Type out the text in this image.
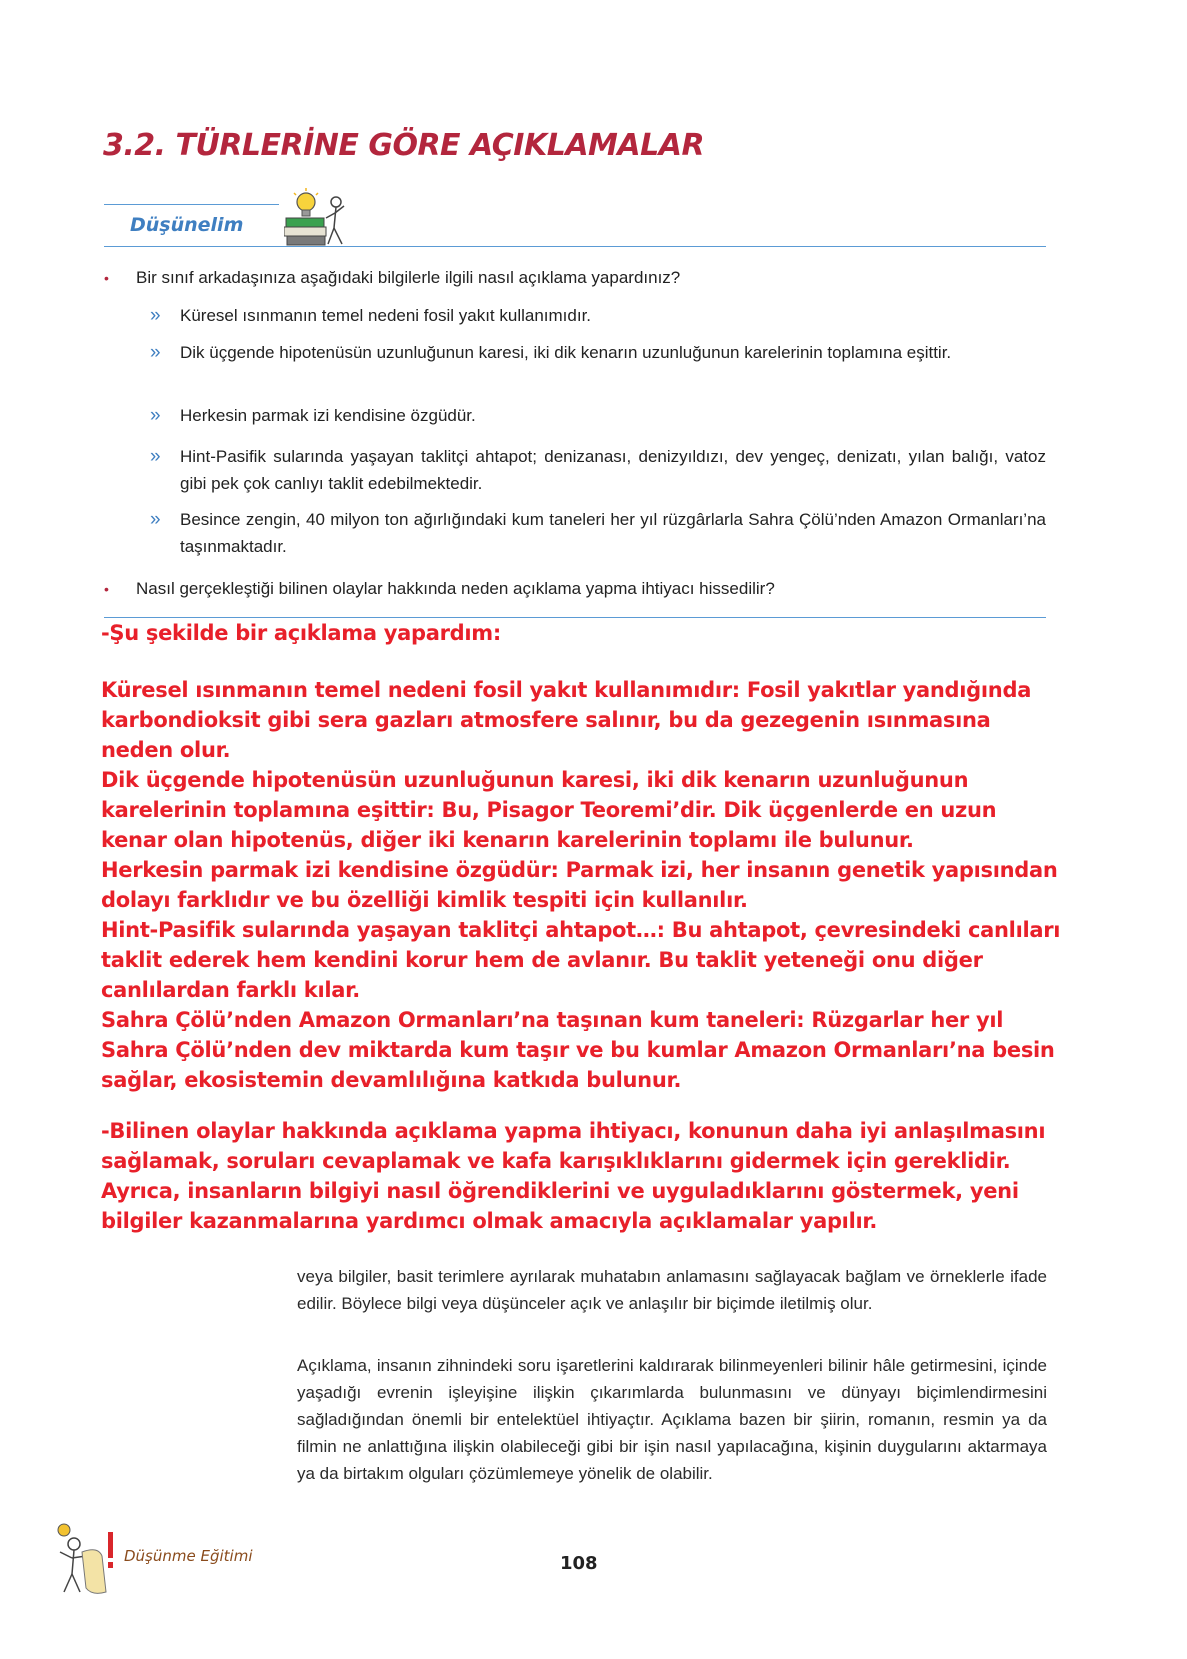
3.2. TÜRLERİNE GÖRE AÇIKLAMALAR
Düşünelim
• Bir sınıf arkadaşınıza aşağıdaki bilgilerle ilgili nasıl açıklama yapardınız?
» Küresel ısınmanın temel nedeni fosil yakıt kullanımıdır.
» Dik üçgende hipotenüsün uzunluğunun karesi, iki dik kenarın uzunluğunun karelerinin toplamına eşittir.
» Herkesin parmak izi kendisine özgüdür.
» Hint-Pasifik sularında yaşayan taklitçi ahtapot; denizanası, denizyıldızı, dev yengeç, denizatı, yılan balığı, vatoz gibi pek çok canlıyı taklit edebilmektedir.
» Besince zengin, 40 milyon ton ağırlığındaki kum taneleri her yıl rüzgârlarla Sahra Çölü’nden Amazon Ormanları’na taşınmaktadır.
• Nasıl gerçekleştiği bilinen olaylar hakkında neden açıklama yapma ihtiyacı hissedilir?
-Şu şekilde bir açıklama yapardım:

Küresel ısınmanın temel nedeni fosil yakıt kullanımıdır: Fosil yakıtlar yandığında karbondioksit gibi sera gazları atmosfere salınır, bu da gezegenin ısınmasına neden olur.

Dik üçgende hipotenüsün uzunluğunun karesi, iki dik kenarın uzunluğunun karelerinin toplamına eşittir: Bu, Pisagor Teoremi’dir. Dik üçgenlerde en uzun kenar olan hipotenüs, diğer iki kenarın karelerinin toplamı ile bulunur.

Herkesin parmak izi kendisine özgüdür: Parmak izi, her insanın genetik yapısından dolayı farklıdır ve bu özelliği kimlik tespiti için kullanılır.

Hint-Pasifik sularında yaşayan taklitçi ahtapot…: Bu ahtapot, çevresindeki canlıları taklit ederek hem kendini korur hem de avlanır. Bu taklit yeteneği onu diğer canlılardan farklı kılar.

Sahra Çölü’nden Amazon Ormanları’na taşınan kum taneleri: Rüzgarlar her yıl Sahra Çölü’nden dev miktarda kum taşır ve bu kumlar Amazon Ormanları’na besin sağlar, ekosistemin devamlılığına katkıda bulunur.

-Bilinen olaylar hakkında açıklama yapma ihtiyacı, konunun daha iyi anlaşılmasını sağlamak, soruları cevaplamak ve kafa karışıklıklarını gidermek için gereklidir. Ayrıca, insanların bilgiyi nasıl öğrendiklerini ve uyguladıklarını göstermek, yeni bilgiler kazanmalarına yardımcı olmak amacıyla açıklamalar yapılır.

veya bilgiler, basit terimlere ayrılarak muhatabın anlamasını sağlayacak bağlam ve örneklerle ifade edilir. Böylece bilgi veya düşünceler açık ve anlaşılır bir biçimde iletilmiş olur.

Açıklama, insanın zihnindeki soru işaretlerini kaldırarak bilinmeyenleri bilinir hâle getirmesini, içinde yaşadığı evrenin işleyişine ilişkin çıkarımlarda bulunmasını ve dünyayı biçimlendirmesini sağladığından önemli bir entelektüel ihtiyaçtır. Açıklama bazen bir şiirin, romanın, resmin ya da filmin ne anlattığına ilişkin olabileceği gibi bir işin nasıl yapılacağına, kişinin duygularını aktarmaya ya da birtakım olguları çözümlemeye yönelik de olabilir.

Düşünme Eğitimi	108
